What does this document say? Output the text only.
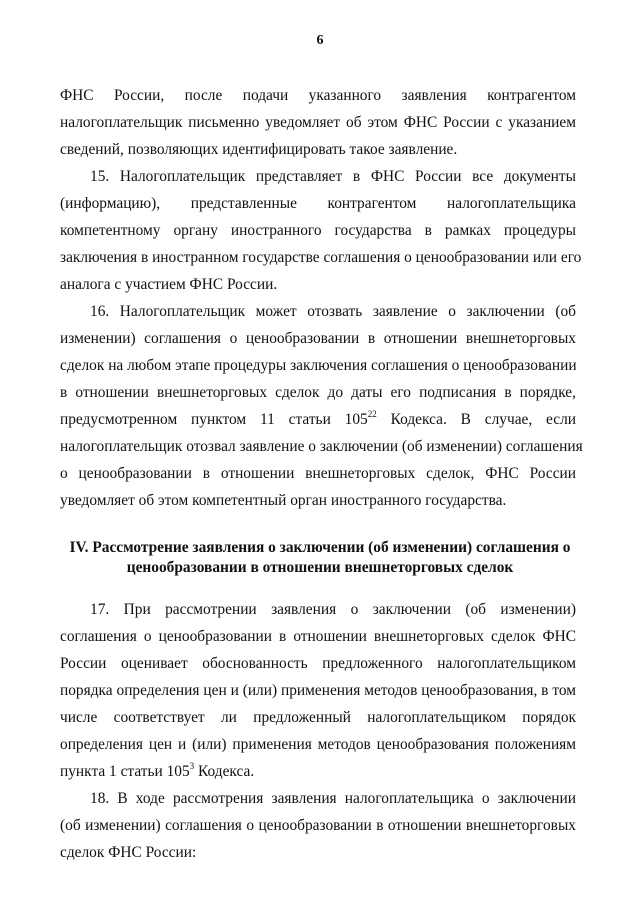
6
ФНС России, после подачи указанного заявления контрагентом
налогоплательщик письменно уведомляет об этом ФНС России с указанием
сведений, позволяющих идентифицировать такое заявление.
15. Налогоплательщик представляет в ФНС России все документы
(информацию), представленные контрагентом налогоплательщика
компетентному органу иностранного государства в рамках процедуры
заключения в иностранном государстве соглашения о ценообразовании или его
аналога с участием ФНС России.
16. Налогоплательщик может отозвать заявление о заключении (об
изменении) соглашения о ценообразовании в отношении внешнеторговых
сделок на любом этапе процедуры заключения соглашения о ценообразовании
в отношении внешнеторговых сделок до даты его подписания в порядке,
предусмотренном пунктом 11 статьи $105^{22}$ Кодекса. В случае, если
налогоплательщик отозвал заявление о заключении (об изменении) соглашения
о ценообразовании в отношении внешнеторговых сделок, ФНС России
уведомляет об этом компетентный орган иностранного государства.
IV. Рассмотрение заявления о заключении (об изменении) соглашения о
ценообразовании в отношении внешнеторговых сделок
17. При рассмотрении заявления о заключении (об изменении)
соглашения о ценообразовании в отношении внешнеторговых сделок ФНС
России оценивает обоснованность предложенного налогоплательщиком
порядка определения цен и (или) применения методов ценообразования, в том
числе соответствует ли предложенный налогоплательщиком порядок
определения цен и (или) применения методов ценообразования положениям
пункта 1 статьи $105^3$ Кодекса.
18. В ходе рассмотрения заявления налогоплательщика о заключении
(об изменении) соглашения о ценообразовании в отношении внешнеторговых
сделок ФНС России:
